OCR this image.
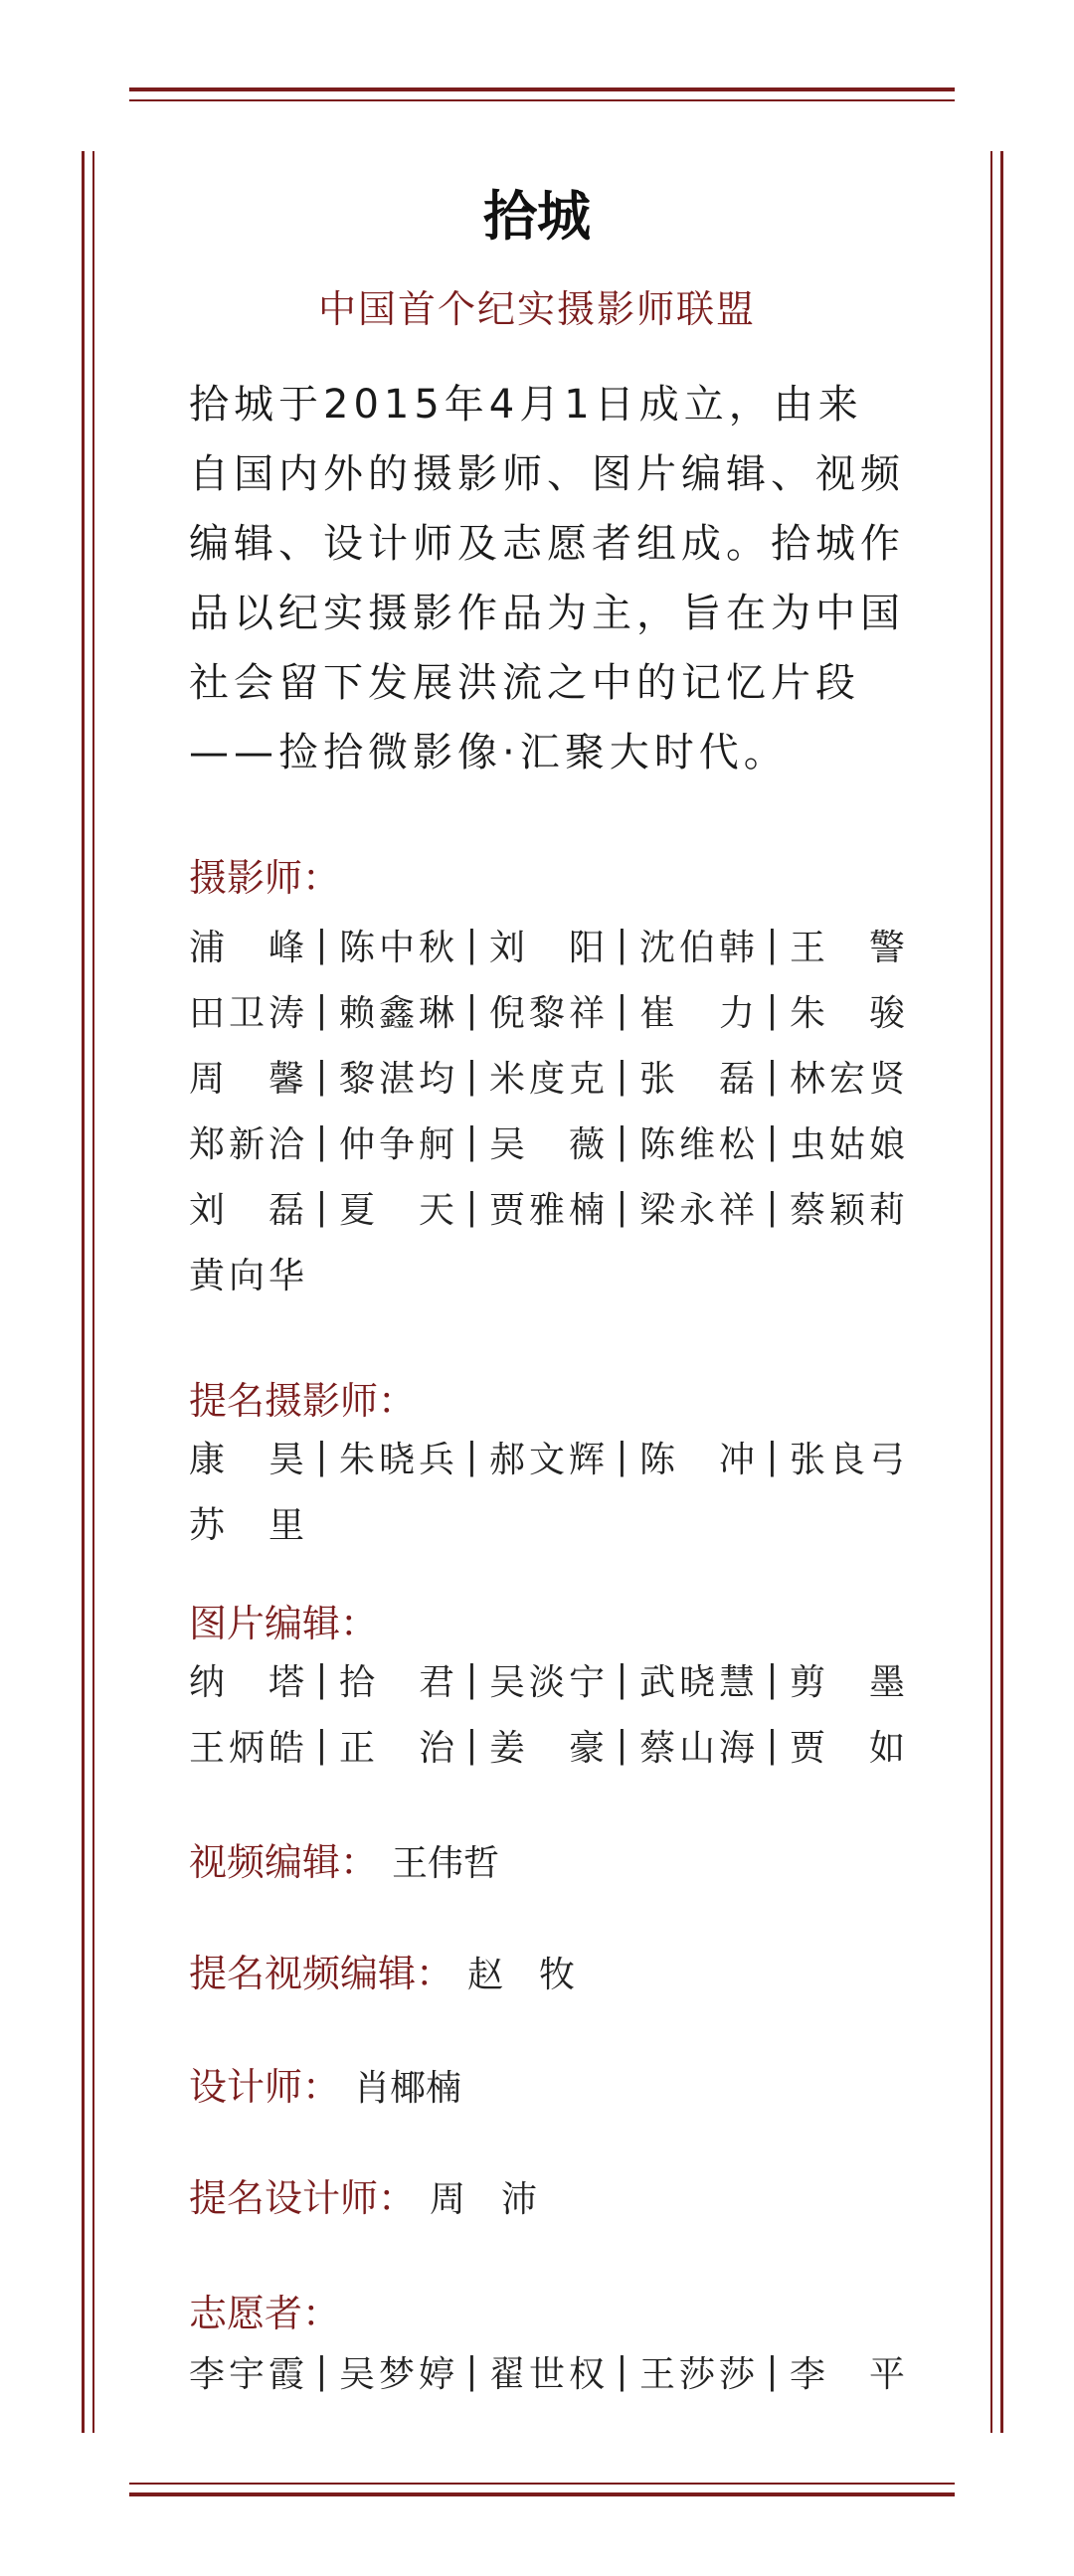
拾城
中国首个纪实摄影师联盟
拾城于2015年4月1日成立，由来自国内外的摄影师、图片编辑、视频编辑、设计师及志愿者组成。拾城作品以纪实摄影作品为主，旨在为中国社会留下发展洪流之中的记忆片段——捡拾微影像·汇聚大时代。
摄影师：
浦　峰 | 陈中秋 | 刘　阳 | 沈伯韩 | 王　警
田卫涛 | 赖鑫琳 | 倪黎祥 | 崔　力 | 朱　骏
周　馨 | 黎湛均 | 米度克 | 张　磊 | 林宏贤
郑新洽 | 仲争舸 | 吴　薇 | 陈维松 | 虫姑娘
刘　磊 | 夏　天 | 贾雅楠 | 梁永祥 | 蔡颖莉
黄向华
提名摄影师：
康　昊 | 朱晓兵 | 郝文辉 | 陈　冲 | 张良弓
苏　里
图片编辑：
纳　塔 | 拾　君 | 吴淡宁 | 武晓慧 | 剪　墨
王炳皓 | 正　治 | 姜　豪 | 蔡山海 | 贾　如
视频编辑： 王伟哲
提名视频编辑： 赵　牧
设计师： 肖椰楠
提名设计师： 周　沛
志愿者：
李宇霞 | 吴梦婷 | 翟世权 | 王莎莎 | 李　平
